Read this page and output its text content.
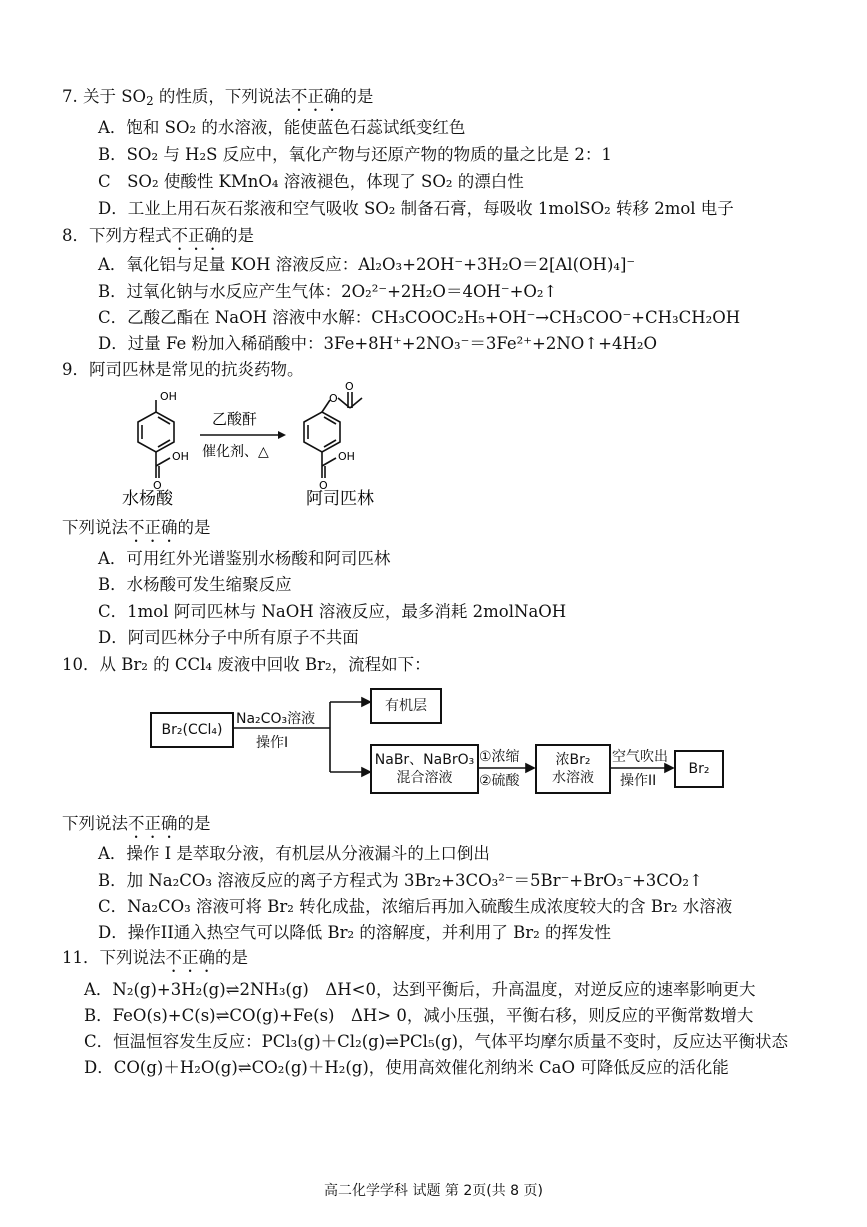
7. 关于 $SO_2$ 的性质，下列说法不正确的是
A．饱和 SO₂ 的水溶液，能使蓝色石蕊试纸变红色
B．SO₂ 与 H₂S 反应中，氧化产物与还原产物的物质的量之比是 2：1
C　SO₂ 使酸性 KMnO₄ 溶液褪色，体现了 SO₂ 的漂白性
D．工业上用石灰石浆液和空气吸收 SO₂ 制备石膏，每吸收 1molSO₂ 转移 2mol 电子
8．下列方程式不正确的是
A．氧化铝与足量 KOH 溶液反应：Al₂O₃+2OH⁻+3H₂O＝2[Al(OH)₄]⁻
B．过氧化钠与水反应产生气体：2O₂²⁻+2H₂O＝4OH⁻+O₂↑
C．乙酸乙酯在 NaOH 溶液中水解：CH₃COOC₂H₅+OH⁻→CH₃COO⁻+CH₃CH₂OH
D．过量 Fe 粉加入稀硝酸中：3Fe+8H⁺+2NO₃⁻＝3Fe²⁺+2NO↑+4H₂O
9．阿司匹林是常见的抗炎药物。
OH
OH
O
乙酸酐
催化剂、△
O
O
OH
O
水杨酸	阿司匹林
下列说法不正确的是
A．可用红外光谱鉴别水杨酸和阿司匹林
B．水杨酸可发生缩聚反应
C．1mol 阿司匹林与 NaOH 溶液反应，最多消耗 2molNaOH
D．阿司匹林分子中所有原子不共面
10．从 Br₂ 的 CCl₄ 废液中回收 Br₂，流程如下：
Br₂(CCl₄)
Na₂CO₃溶液
操作I
有机层
NaBr、NaBrO₃
混合溶液
①浓缩
②硫酸
浓Br₂
水溶液
空气吹出
操作II
Br₂
下列说法不正确的是
A．操作 I 是萃取分液，有机层从分液漏斗的上口倒出
B．加 Na₂CO₃ 溶液反应的离子方程式为 3Br₂+3CO₃²⁻＝5Br⁻+BrO₃⁻+3CO₂↑
C．Na₂CO₃ 溶液可将 Br₂ 转化成盐，浓缩后再加入硫酸生成浓度较大的含 Br₂ 水溶液
D．操作II通入热空气可以降低 Br₂ 的溶解度，并利用了 Br₂ 的挥发性
11．下列说法不正确的是
A．N₂(g)+3H₂(g)⇌2NH₃(g)　ΔH<0，达到平衡后，升高温度，对逆反应的速率影响更大
B．FeO(s)+C(s)⇌CO(g)+Fe(s)　ΔH> 0，减小压强，平衡右移，则反应的平衡常数增大
C．恒温恒容发生反应：PCl₃(g)＋Cl₂(g)⇌PCl₅(g)，气体平均摩尔质量不变时，反应达平衡状态
D．CO(g)＋H₂O(g)⇌CO₂(g)＋H₂(g)，使用高效催化剂纳米 CaO 可降低反应的活化能
高二化学学科 试题 第 2页(共 8 页)
